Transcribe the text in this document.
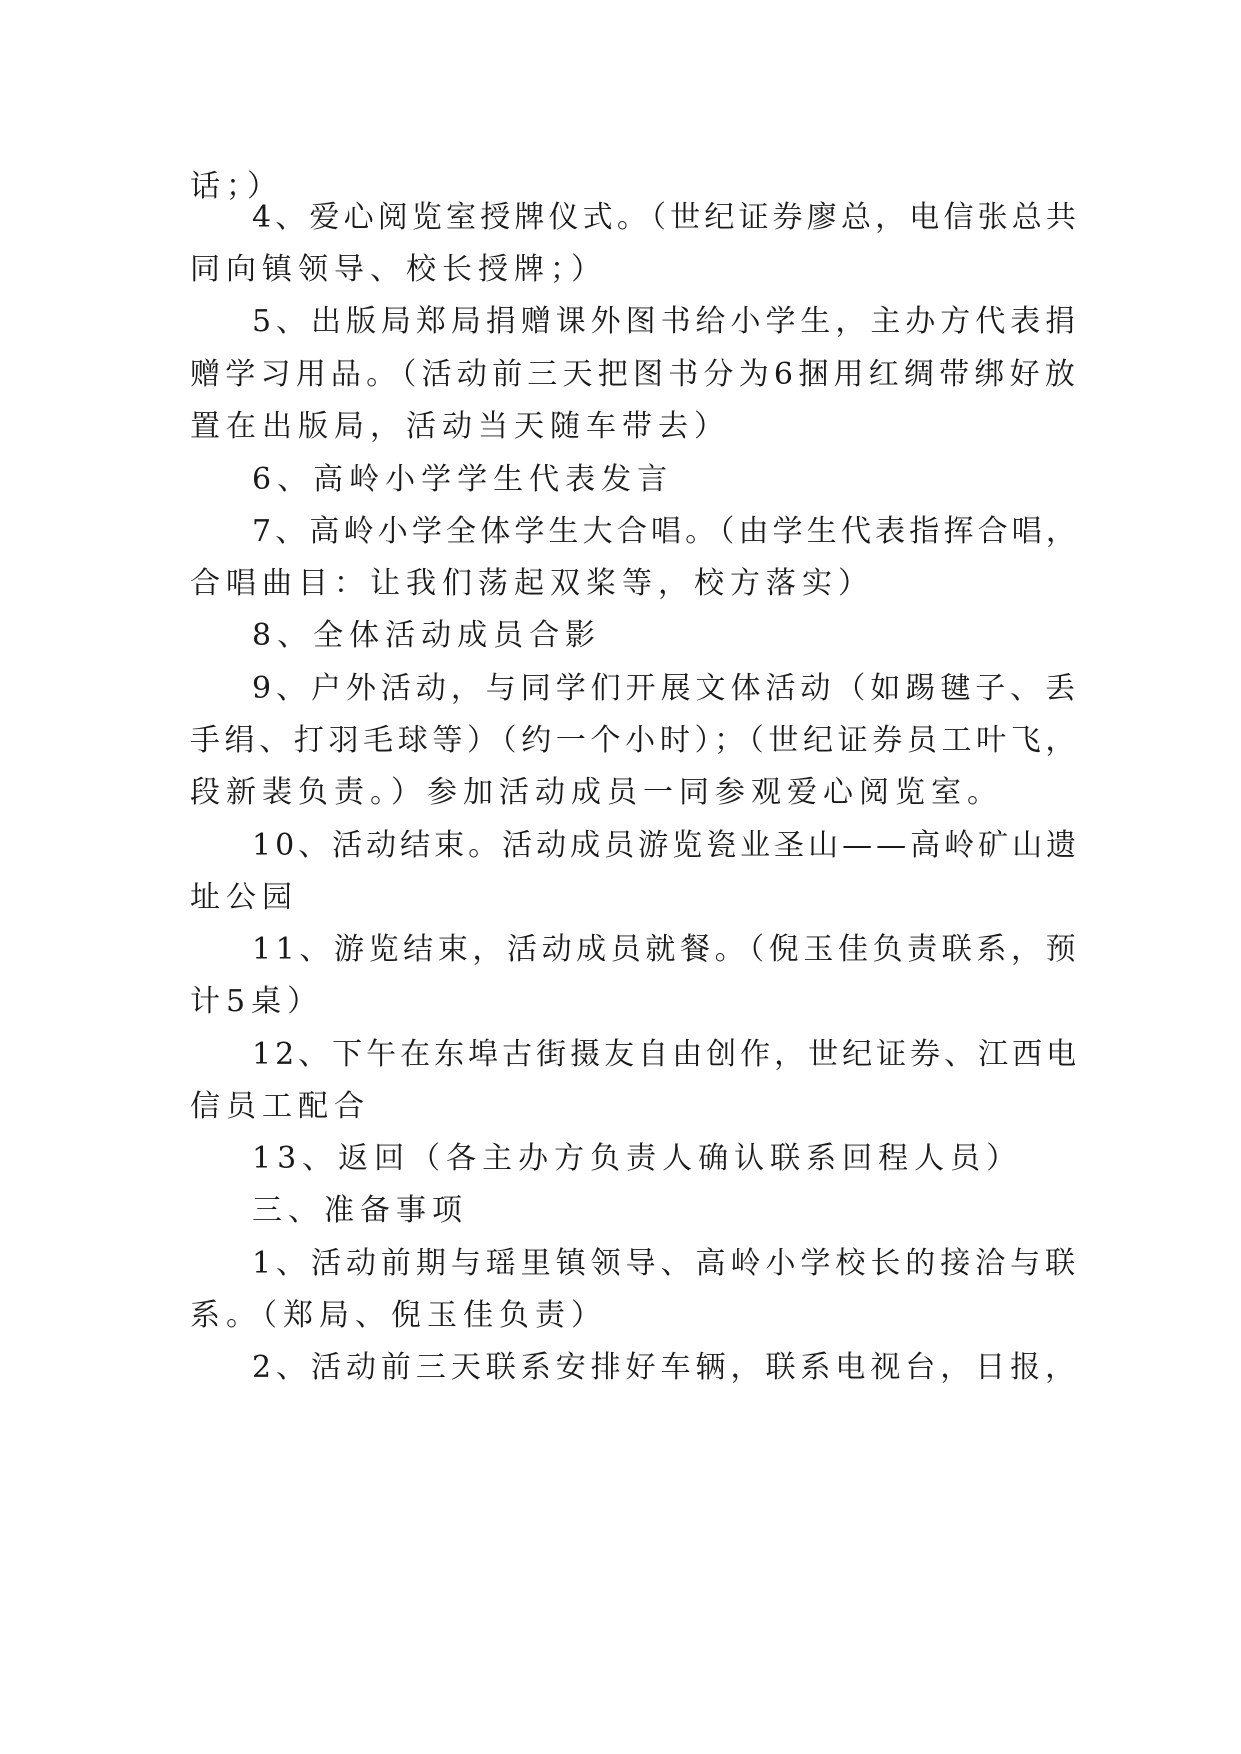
话；）
4、爱心阅览室授牌仪式。（世纪证券廖总，电信张总共
同向镇领导、校长授牌；）
5、出版局郑局捐赠课外图书给小学生，主办方代表捐
赠学习用品。（活动前三天把图书分为6捆用红绸带绑好放
置在出版局，活动当天随车带去）
6、高岭小学学生代表发言
7、高岭小学全体学生大合唱。（由学生代表指挥合唱，
合唱曲目：让我们荡起双桨等，校方落实）
8、全体活动成员合影
9、户外活动，与同学们开展文体活动（如踢毽子、丢
手绢、打羽毛球等）（约一个小时）；（世纪证券员工叶飞，
段新裴负责。）参加活动成员一同参观爱心阅览室。
10、活动结束。活动成员游览瓷业圣山——高岭矿山遗
址公园
11、游览结束，活动成员就餐。（倪玉佳负责联系，预
计5桌）
12、下午在东埠古街摄友自由创作，世纪证券、江西电
信员工配合
13、返回（各主办方负责人确认联系回程人员）
三、准备事项
1、活动前期与瑶里镇领导、高岭小学校长的接洽与联
系。（郑局、倪玉佳负责）
2、活动前三天联系安排好车辆，联系电视台，日报，
